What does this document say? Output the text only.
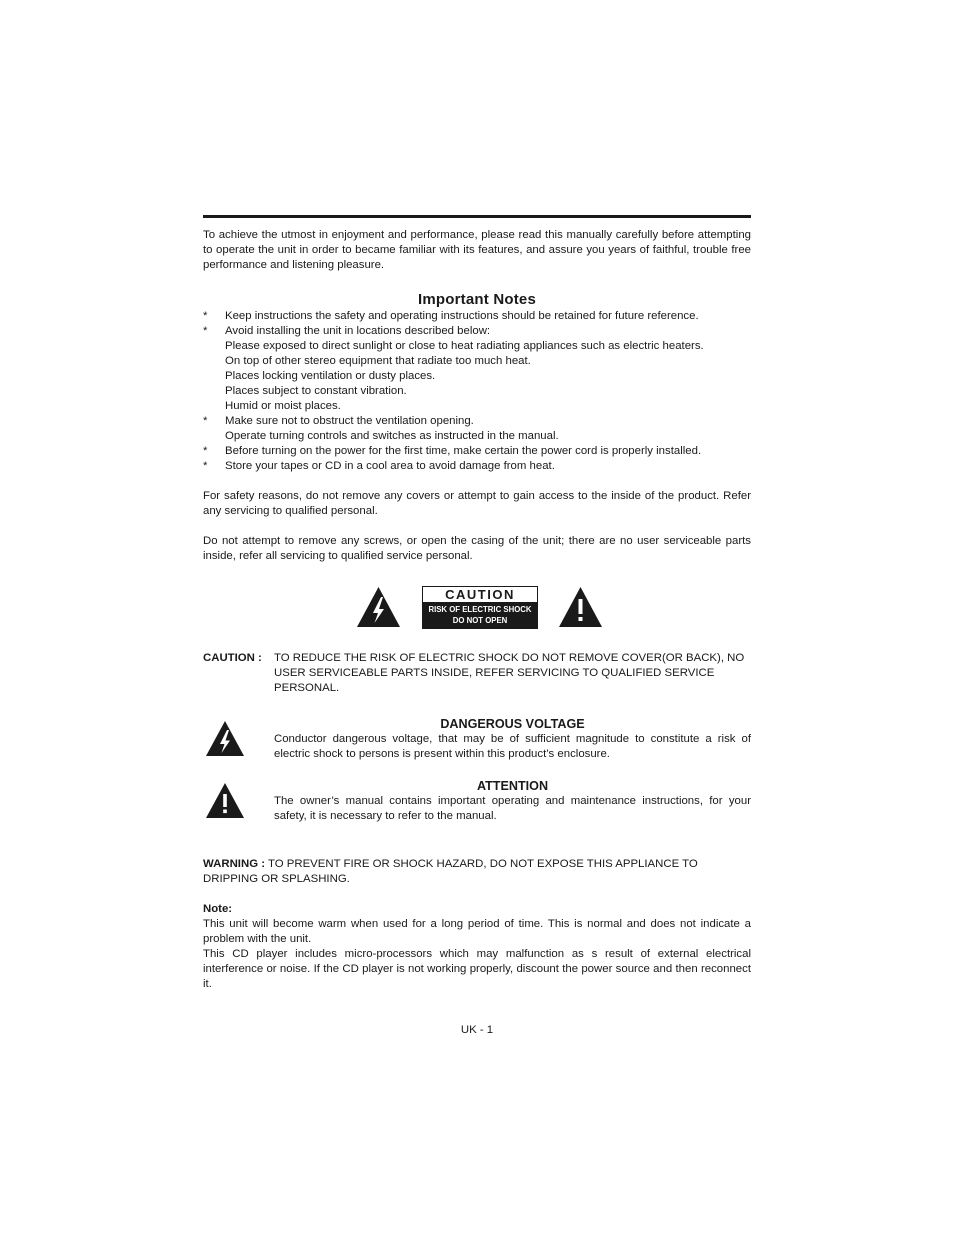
To achieve the utmost in enjoyment and performance, please read this manually carefully before attempting to operate the unit in order to became familiar with its features, and assure you years of faithful, trouble free performance and listening pleasure.

Important Notes
* Keep instructions the safety and operating instructions should be retained for future reference.
* Avoid installing the unit in locations described below:
Please exposed to direct sunlight or close to heat radiating appliances such as electric heaters.
On top of other stereo equipment that radiate too much heat.
Places locking ventilation or dusty places.
Places subject to constant vibration.
Humid or moist places.
* Make sure not to obstruct the ventilation opening.
Operate turning controls and switches as instructed in the manual.
* Before turning on the power for the first time, make certain the power cord is properly installed.
* Store your tapes or CD in a cool area to avoid damage from heat.

For safety reasons, do not remove any covers or attempt to gain access to the inside of the product. Refer any servicing to qualified personal.

Do not attempt to remove any screws, or open the casing of the unit; there are no user serviceable parts inside, refer all servicing to qualified service personal.

CAUTION
RISK OF ELECTRIC SHOCK
DO NOT OPEN
CAUTION :	TO REDUCE THE RISK OF ELECTRIC SHOCK DO NOT REMOVE COVER(OR BACK), NO USER SERVICEABLE PARTS INSIDE, REFER SERVICING TO QUALIFIED SERVICE PERSONAL.
DANGEROUS VOLTAGE

Conductor dangerous voltage, that may be of sufficient magnitude to constitute a risk of electric shock to persons is present within this product’s enclosure.

ATTENTION

The owner’s manual contains important operating and maintenance instructions, for your safety, it is necessary to refer to the manual.

WARNING : TO PREVENT FIRE OR SHOCK HAZARD, DO NOT EXPOSE THIS APPLIANCE TO DRIPPING OR SPLASHING.

Note:

This unit will become warm when used for a long period of time. This is normal and does not indicate a problem with the unit.

This CD player includes micro-processors which may malfunction as s result of external electrical interference or noise. If the CD player is not working properly, discount the power source and then reconnect it.

UK - 1
